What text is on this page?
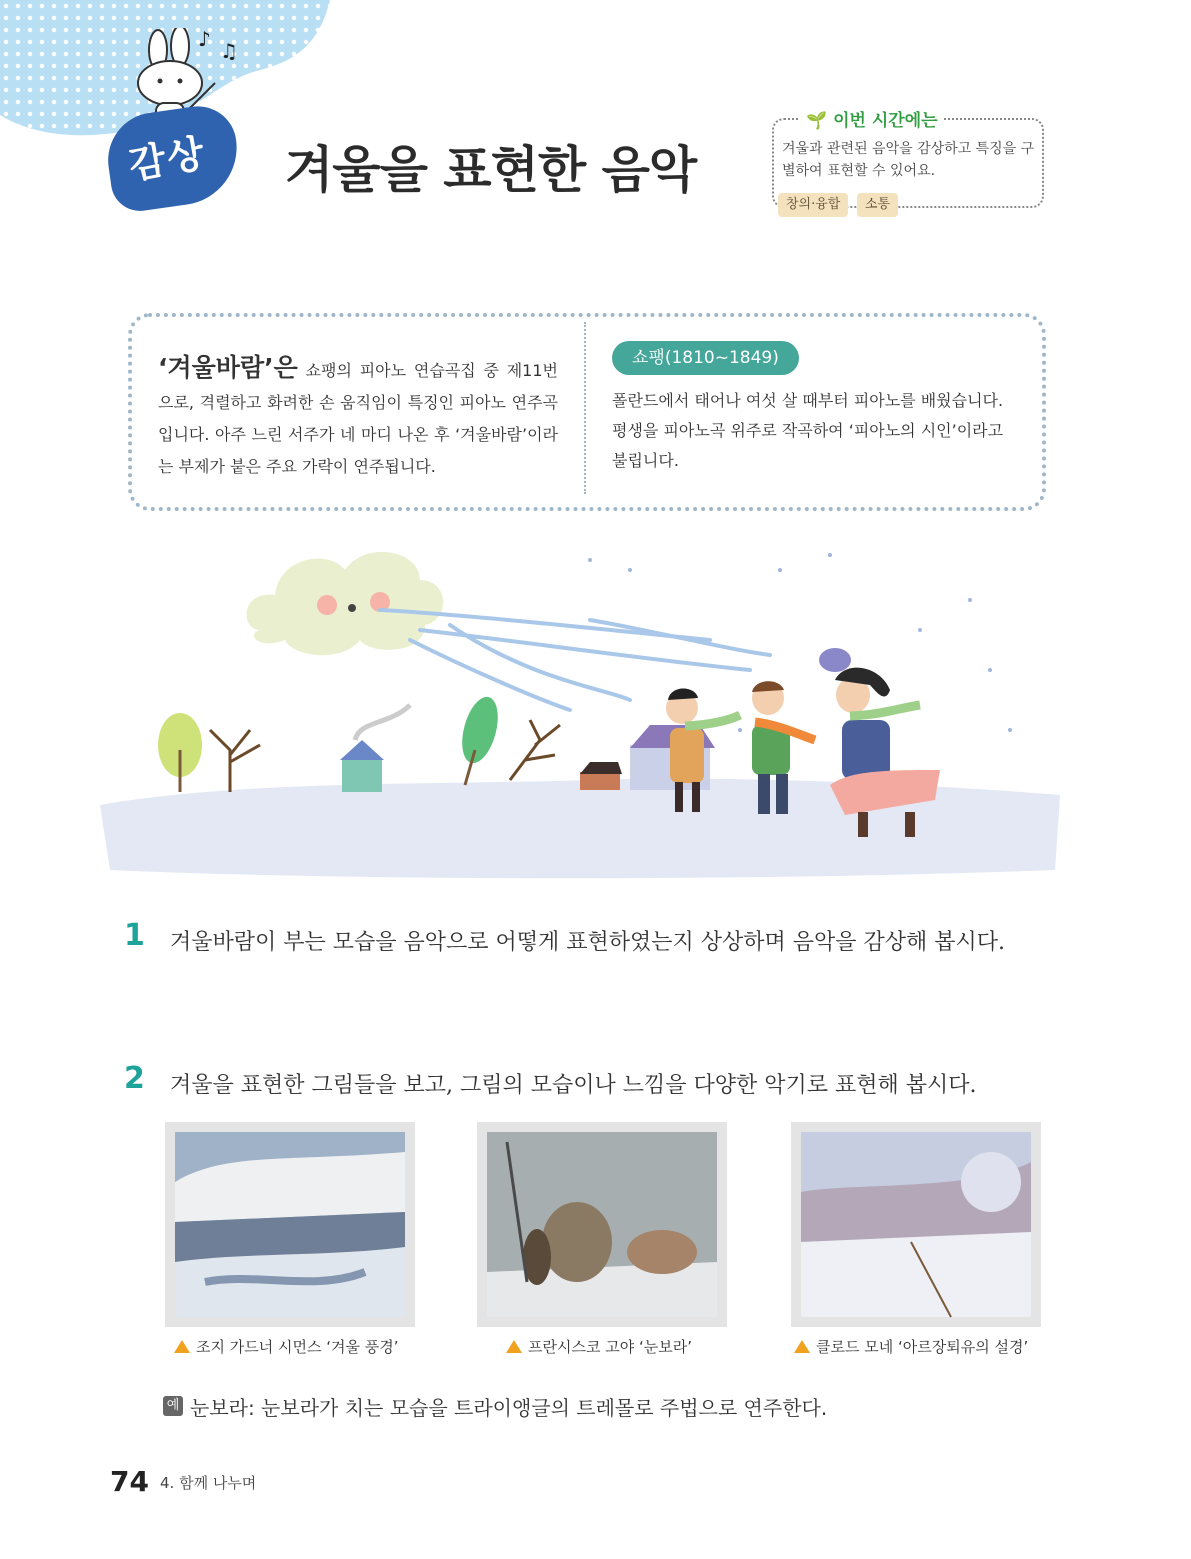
♪ ♫
감상 겨울을 표현한 음악
🌱 이번 시간에는
겨울과 관련된 음악을 감상하고 특징을 구별하여 표현할 수 있어요.
창의·융합	소통
‘겨울바람’은 쇼팽의 피아노 연습곡집 중 제11번으로, 격렬하고 화려한 손 움직임이 특징인 피아노 연주곡입니다. 아주 느린 서주가 네 마디 나온 후 ‘겨울바람’이라는 부제가 붙은 주요 가락이 연주됩니다.
쇼팽(1810~1849)
폴란드에서 태어나 여섯 살 때부터 피아노를 배웠습니다. 평생을 피아노곡 위주로 작곡하여 ‘피아노의 시인’이라고 불립니다.
1 겨울바람이 부는 모습을 음악으로 어떻게 표현하였는지 상상하며 음악을 감상해 봅시다.
2 겨울을 표현한 그림들을 보고, 그림의 모습이나 느낌을 다양한 악기로 표현해 봅시다.
조지 가드너 시먼스 ‘겨울 풍경’	프란시스코 고야 ‘눈보라’	클로드 모네 ‘아르장퇴유의 설경’
예 눈보라: 눈보라가 치는 모습을 트라이앵글의 트레몰로 주법으로 연주한다.
74 4. 함께 나누며
